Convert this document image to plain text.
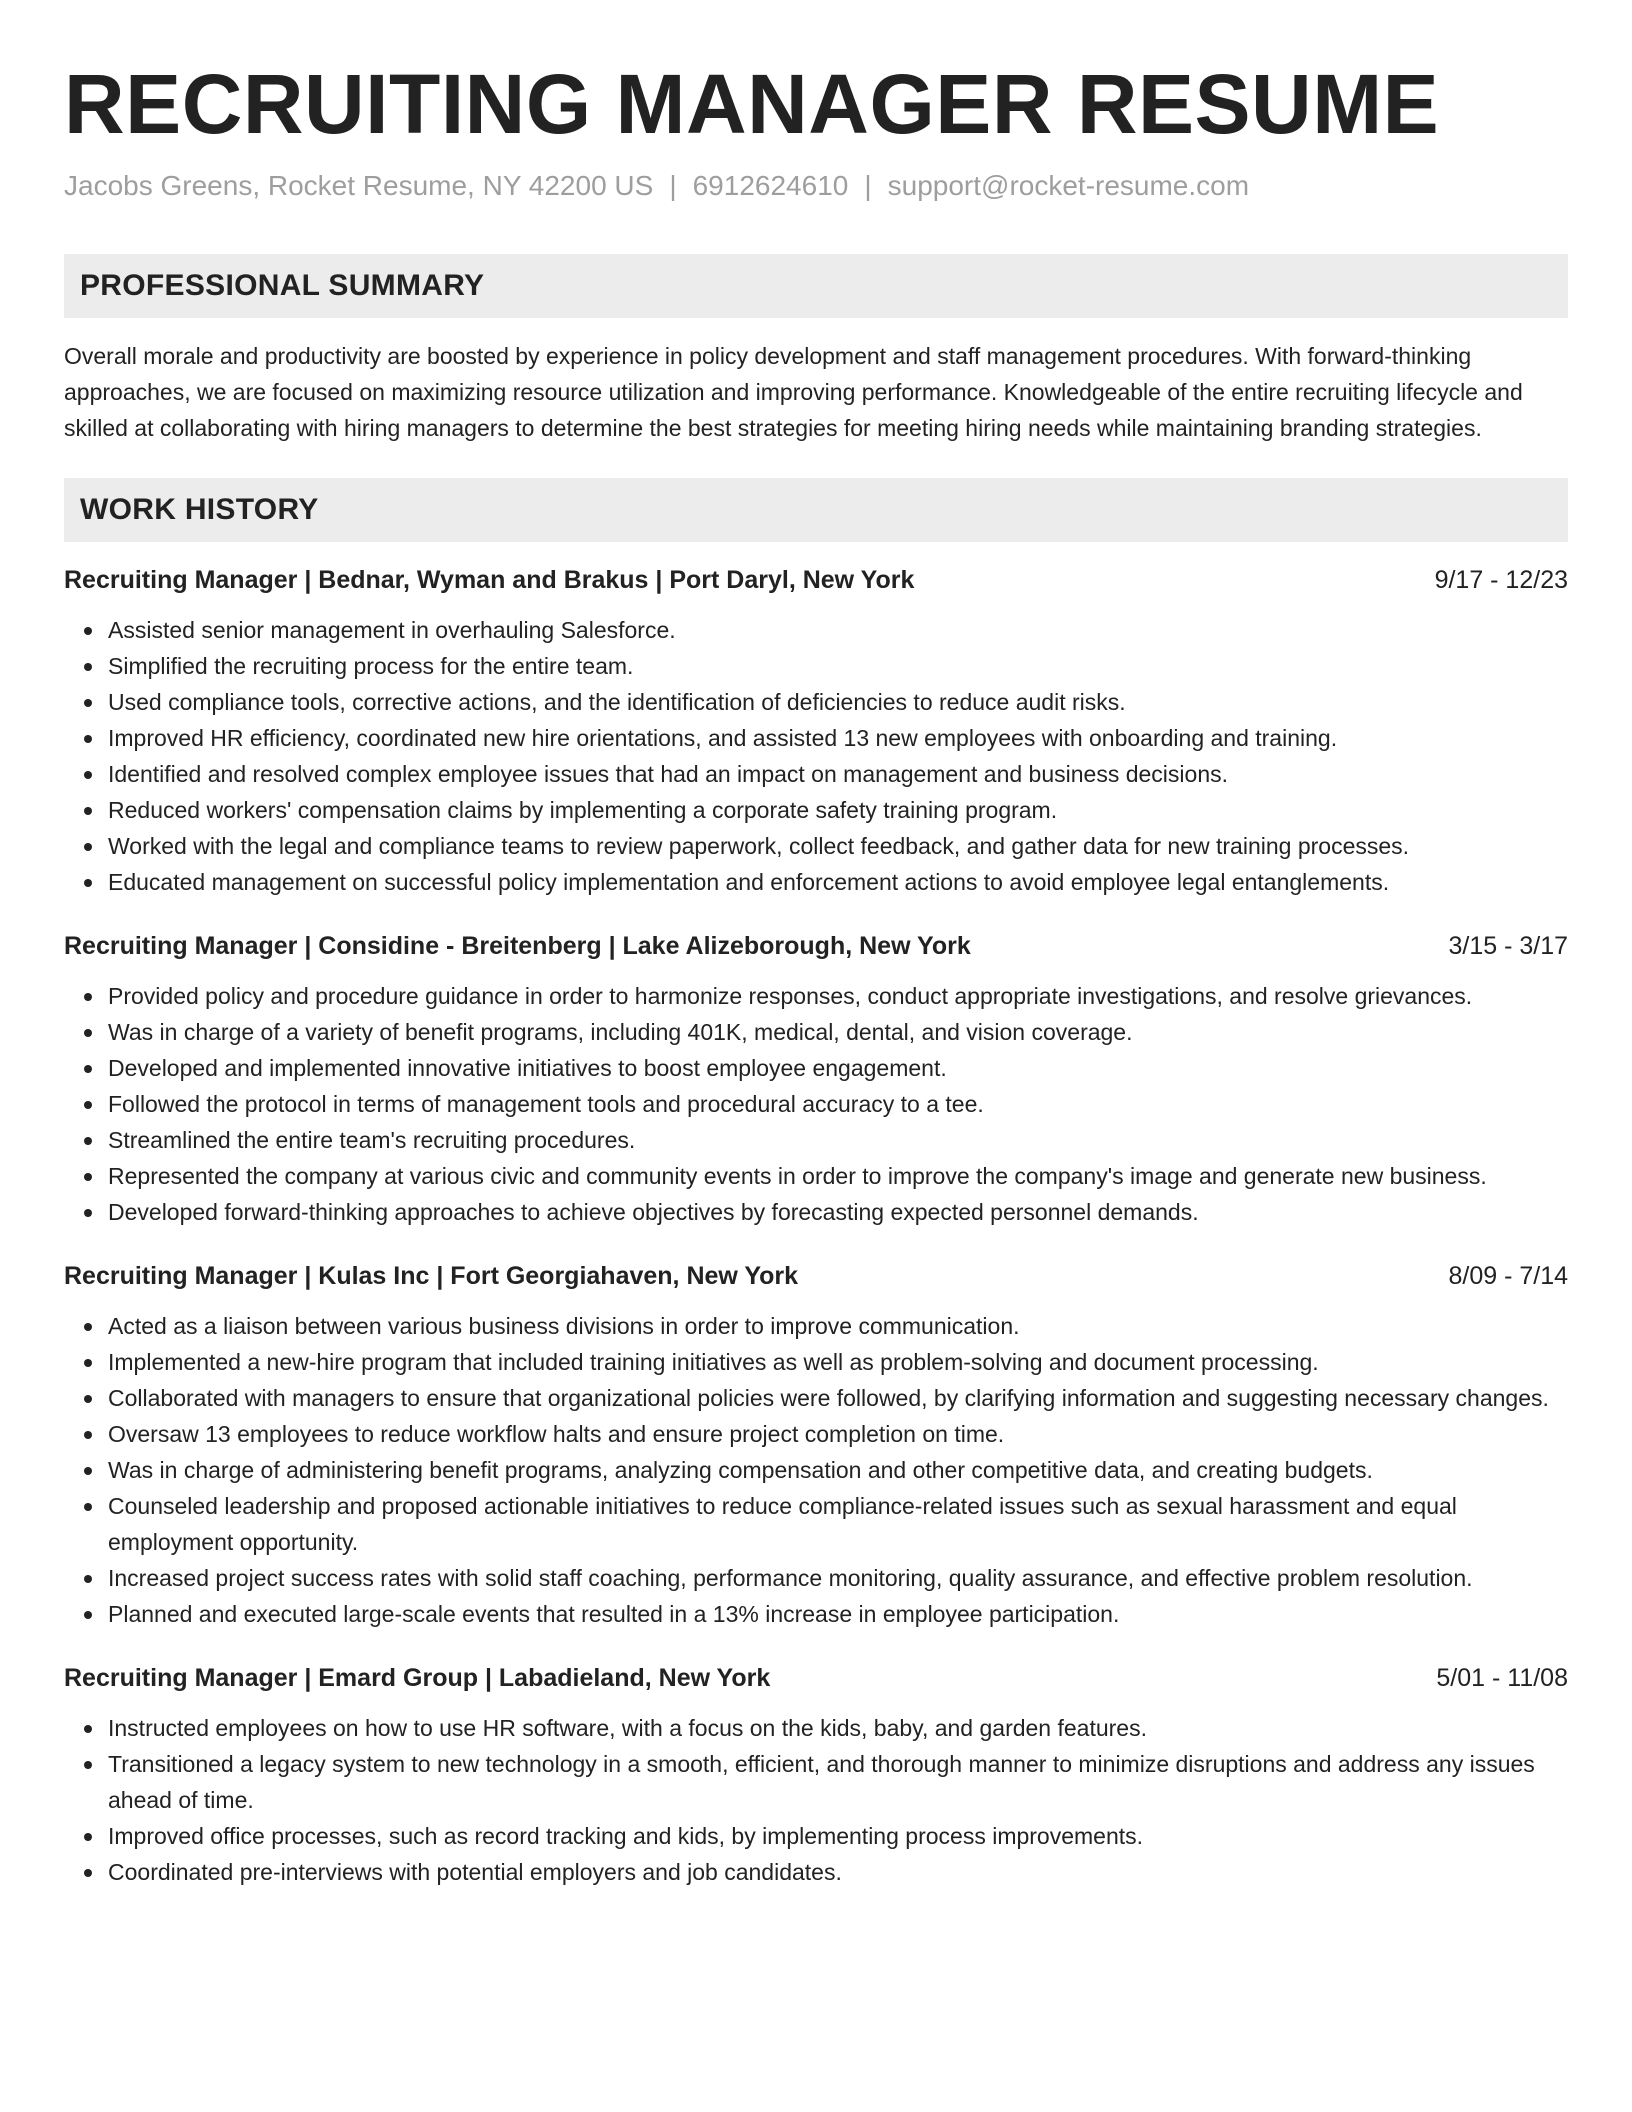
RECRUITING MANAGER RESUME
Jacobs Greens, Rocket Resume, NY 42200 US | 6912624610 | support@rocket-resume.com
PROFESSIONAL SUMMARY
Overall morale and productivity are boosted by experience in policy development and staff management procedures. With forward-thinking approaches, we are focused on maximizing resource utilization and improving performance. Knowledgeable of the entire recruiting lifecycle and skilled at collaborating with hiring managers to determine the best strategies for meeting hiring needs while maintaining branding strategies.
WORK HISTORY
Recruiting Manager | Bednar, Wyman and Brakus | Port Daryl, New York	9/17 - 12/23
Assisted senior management in overhauling Salesforce.
Simplified the recruiting process for the entire team.
Used compliance tools, corrective actions, and the identification of deficiencies to reduce audit risks.
Improved HR efficiency, coordinated new hire orientations, and assisted 13 new employees with onboarding and training.
Identified and resolved complex employee issues that had an impact on management and business decisions.
Reduced workers' compensation claims by implementing a corporate safety training program.
Worked with the legal and compliance teams to review paperwork, collect feedback, and gather data for new training processes.
Educated management on successful policy implementation and enforcement actions to avoid employee legal entanglements.
Recruiting Manager | Considine - Breitenberg | Lake Alizeborough, New York	3/15 - 3/17
Provided policy and procedure guidance in order to harmonize responses, conduct appropriate investigations, and resolve grievances.
Was in charge of a variety of benefit programs, including 401K, medical, dental, and vision coverage.
Developed and implemented innovative initiatives to boost employee engagement.
Followed the protocol in terms of management tools and procedural accuracy to a tee.
Streamlined the entire team's recruiting procedures.
Represented the company at various civic and community events in order to improve the company's image and generate new business.
Developed forward-thinking approaches to achieve objectives by forecasting expected personnel demands.
Recruiting Manager | Kulas Inc | Fort Georgiahaven, New York	8/09 - 7/14
Acted as a liaison between various business divisions in order to improve communication.
Implemented a new-hire program that included training initiatives as well as problem-solving and document processing.
Collaborated with managers to ensure that organizational policies were followed, by clarifying information and suggesting necessary changes.
Oversaw 13 employees to reduce workflow halts and ensure project completion on time.
Was in charge of administering benefit programs, analyzing compensation and other competitive data, and creating budgets.
Counseled leadership and proposed actionable initiatives to reduce compliance-related issues such as sexual harassment and equal employment opportunity.
Increased project success rates with solid staff coaching, performance monitoring, quality assurance, and effective problem resolution.
Planned and executed large-scale events that resulted in a 13% increase in employee participation.
Recruiting Manager | Emard Group | Labadieland, New York	5/01 - 11/08
Instructed employees on how to use HR software, with a focus on the kids, baby, and garden features.
Transitioned a legacy system to new technology in a smooth, efficient, and thorough manner to minimize disruptions and address any issues ahead of time.
Improved office processes, such as record tracking and kids, by implementing process improvements.
Coordinated pre-interviews with potential employers and job candidates.
